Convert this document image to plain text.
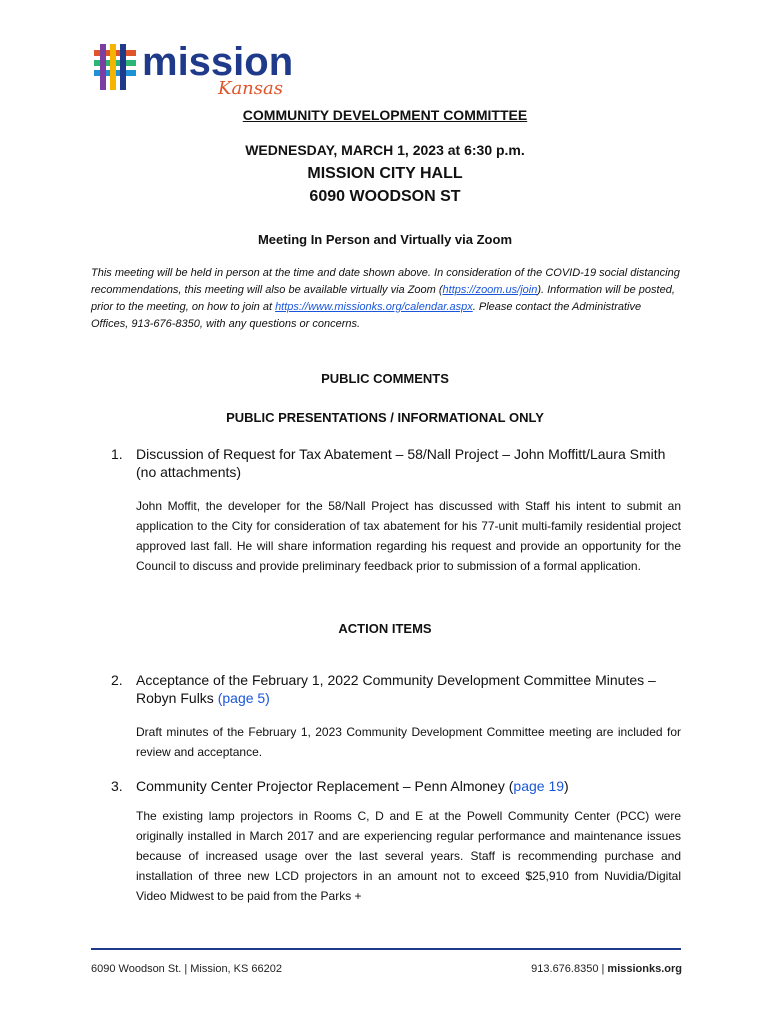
mission
Kansas
COMMUNITY DEVELOPMENT COMMITTEE
WEDNESDAY, MARCH 1, 2023 at 6:30 p.m.
MISSION CITY HALL
6090 WOODSON ST
Meeting In Person and Virtually via Zoom
This meeting will be held in person at the time and date shown above. In consideration of the COVID-19 social distancing recommendations, this meeting will also be available virtually via Zoom (https://zoom.us/join). Information will be posted, prior to the meeting, on how to join at https://www.missionks.org/calendar.aspx. Please contact the Administrative Offices, 913-676-8350, with any questions or concerns.
PUBLIC COMMENTS
PUBLIC PRESENTATIONS / INFORMATIONAL ONLY
1. Discussion of Request for Tax Abatement – 58/Nall Project – John Moffitt/Laura Smith (no attachments)
John Moffit, the developer for the 58/Nall Project has discussed with Staff his intent to submit an application to the City for consideration of tax abatement for his 77-unit multi-family residential project approved last fall. He will share information regarding his request and provide an opportunity for the Council to discuss and provide preliminary feedback prior to submission of a formal application.
ACTION ITEMS
2. Acceptance of the February 1, 2022 Community Development Committee Minutes – Robyn Fulks (page 5)
Draft minutes of the February 1, 2023 Community Development Committee meeting are included for review and acceptance.
3. Community Center Projector Replacement – Penn Almoney (page 19)
The existing lamp projectors in Rooms C, D and E at the Powell Community Center (PCC) were originally installed in March 2017 and are experiencing regular performance and maintenance issues because of increased usage over the last several years. Staff is recommending purchase and installation of three new LCD projectors in an amount not to exceed $25,910 from Nuvidia/Digital Video Midwest to be paid from the Parks +
6090 Woodson St. | Mission, KS 66202	913.676.8350 | missionks.org
